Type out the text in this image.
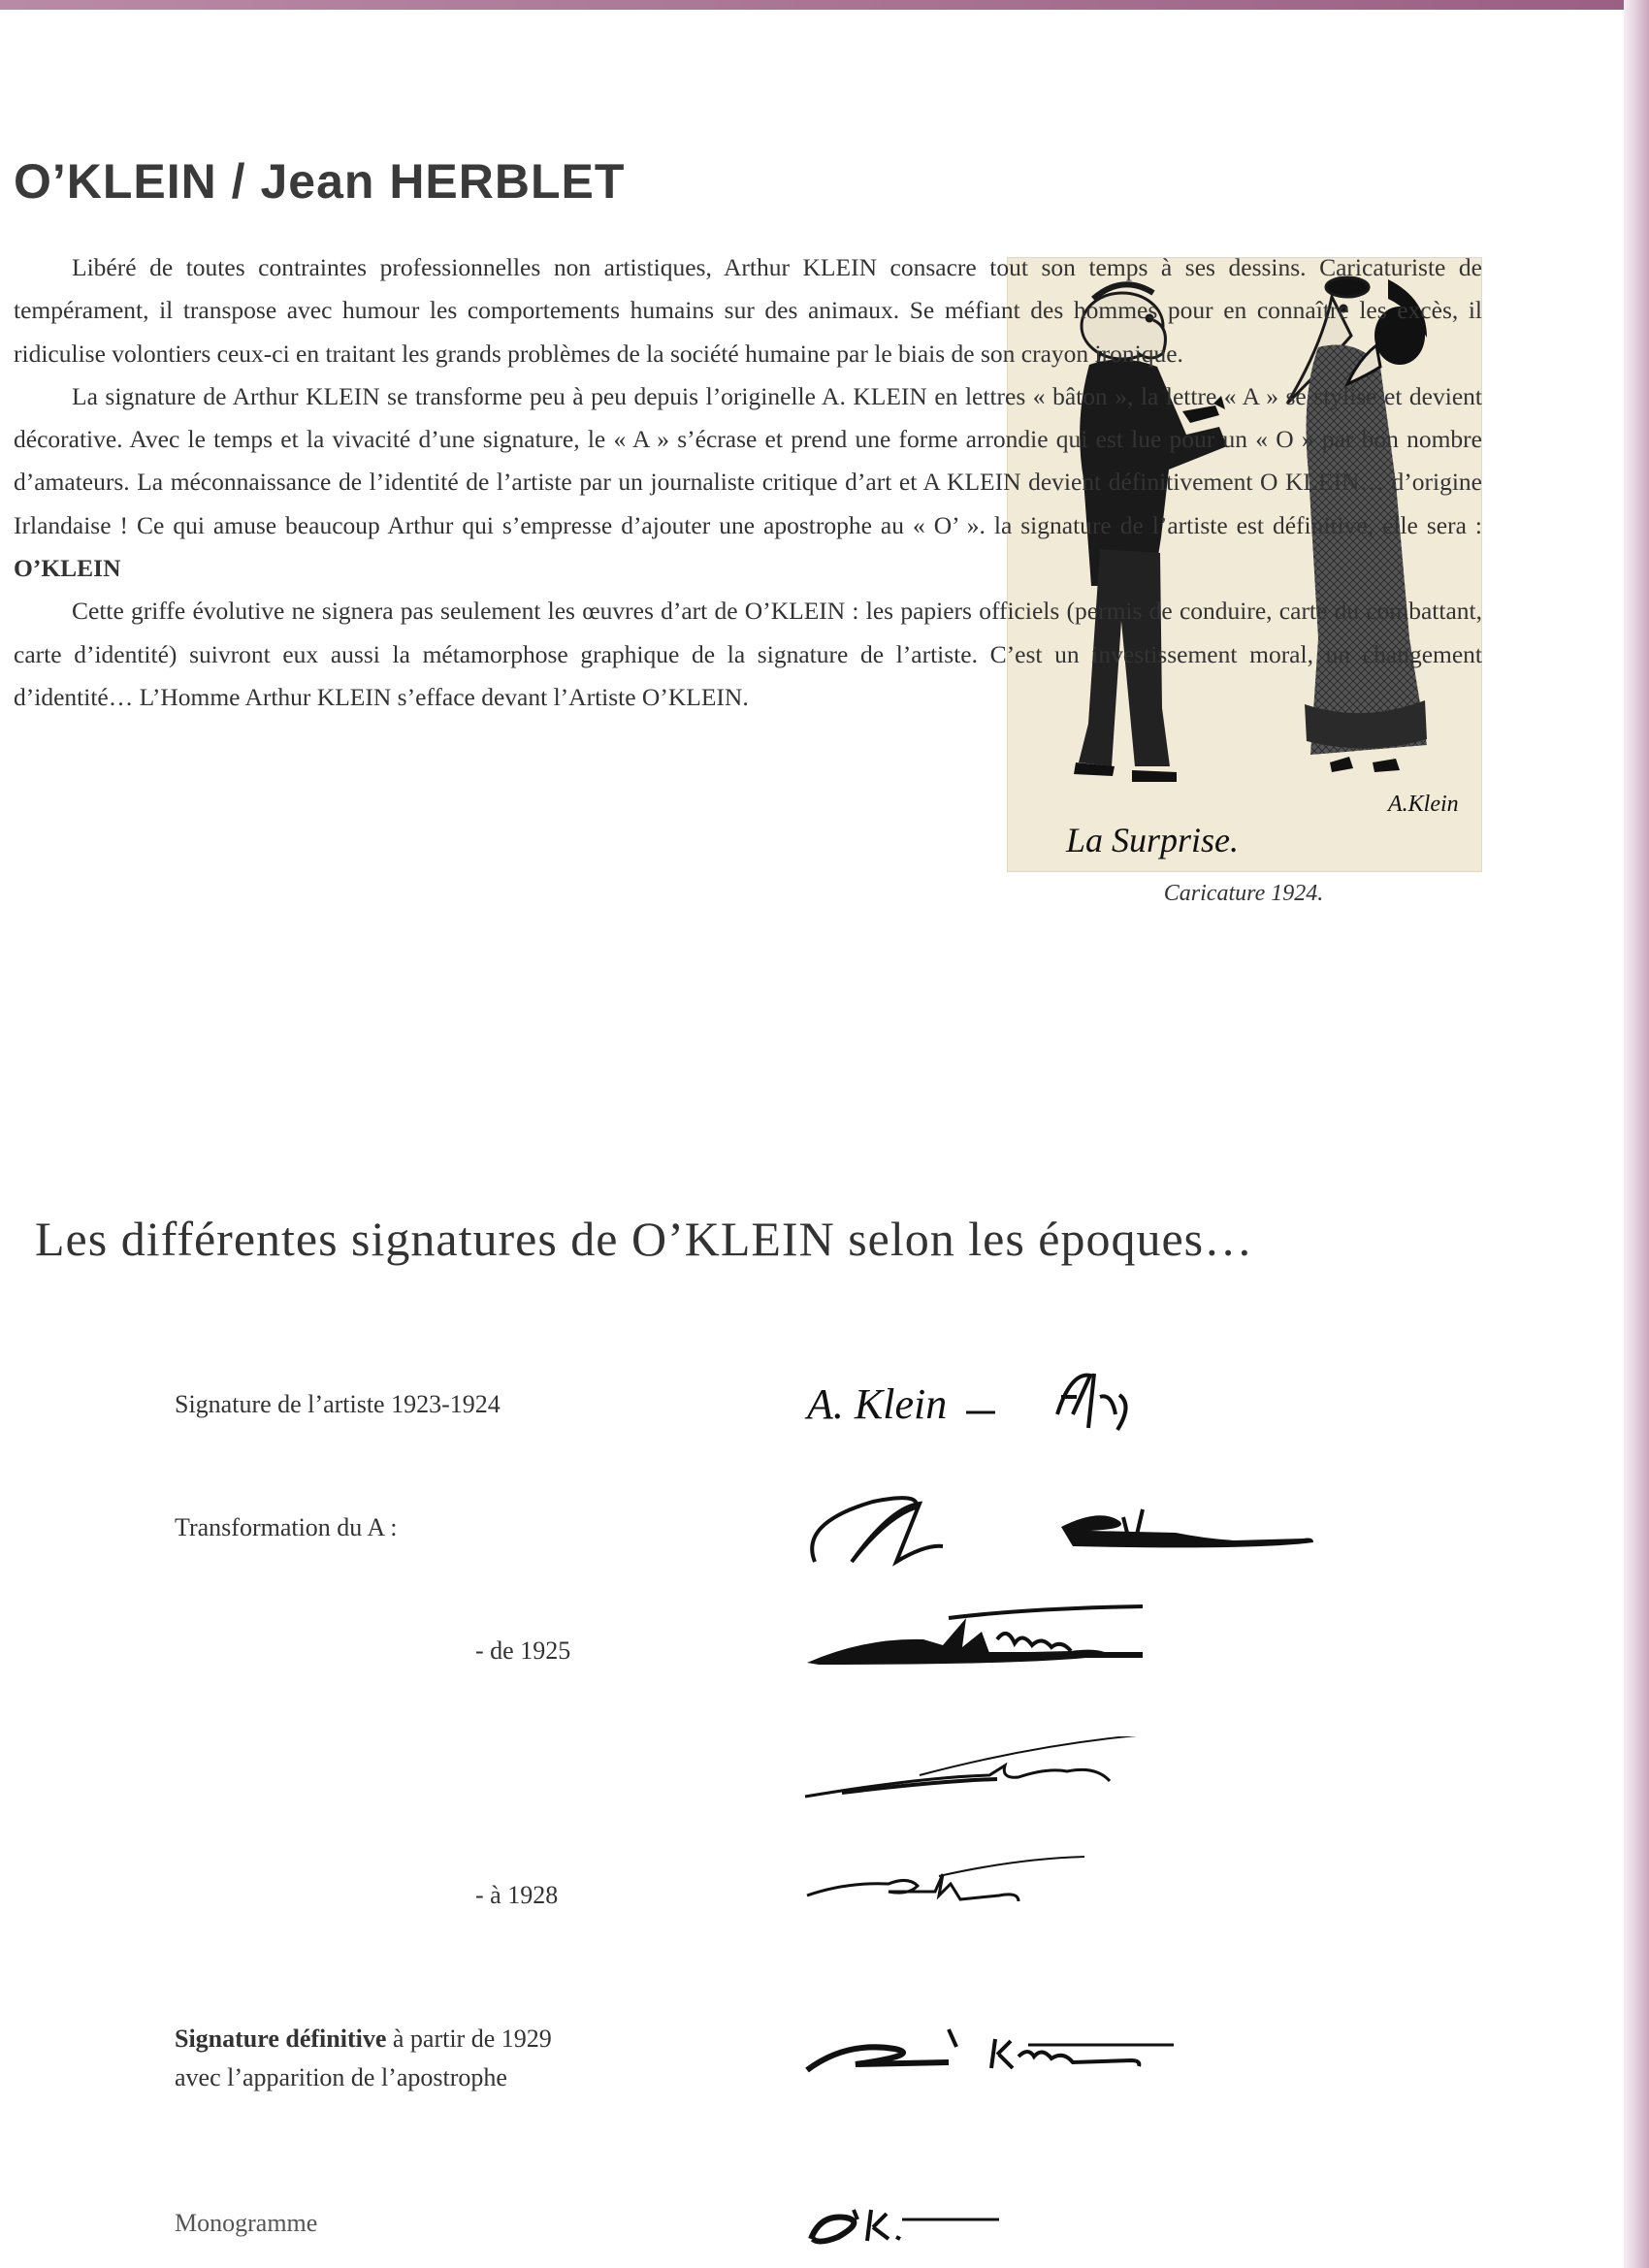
O’KLEIN / Jean HERBLET
A.Klein
La Surprise.

Caricature 1924.

Libéré de toutes contraintes professionnelles non artistiques, Arthur KLEIN consacre tout son temps à ses dessins. Caricaturiste de tempérament, il transpose avec humour les comportements humains sur des animaux. Se méfiant des hommes pour en connaître les excès, il ridiculise volontiers ceux-ci en traitant les grands problèmes de la société humaine par le biais de son crayon ironique.

La signature de Arthur KLEIN se transforme peu à peu depuis l’originelle A. KLEIN en lettres « bâton », la lettre « A » se stylise et devient décorative. Avec le temps et la vivacité d’une signature, le « A » s’écrase et prend une forme arrondie qui est lue pour un « O » par bon nombre d’amateurs. La méconnaissance de l’identité de l’artiste par un journaliste critique d’art et A KLEIN devient définitivement O KLEIN… d’origine Irlandaise ! Ce qui amuse beaucoup Arthur qui s’empresse d’ajouter une apostrophe au « O’ ». la signature de l’artiste est définitive, elle sera : O’KLEIN

Cette griffe évolutive ne signera pas seulement les œuvres d’art de O’KLEIN : les papiers officiels (permis de conduire, carte du combattant, carte d’identité) suivront eux aussi la métamorphose graphique de la signature de l’artiste. C’est un investissement moral, un changement d’identité… L’Homme Arthur KLEIN s’efface devant l’Artiste O’KLEIN.

Les différentes signatures de O’KLEIN selon les époques…

Signature de l’artiste 1923-1924	A. Klein

Transformation du A :

- de 1925

- à 1928

Signature définitive à partir de 1929
avec l’apparition de l’apostrophe

Monogramme
